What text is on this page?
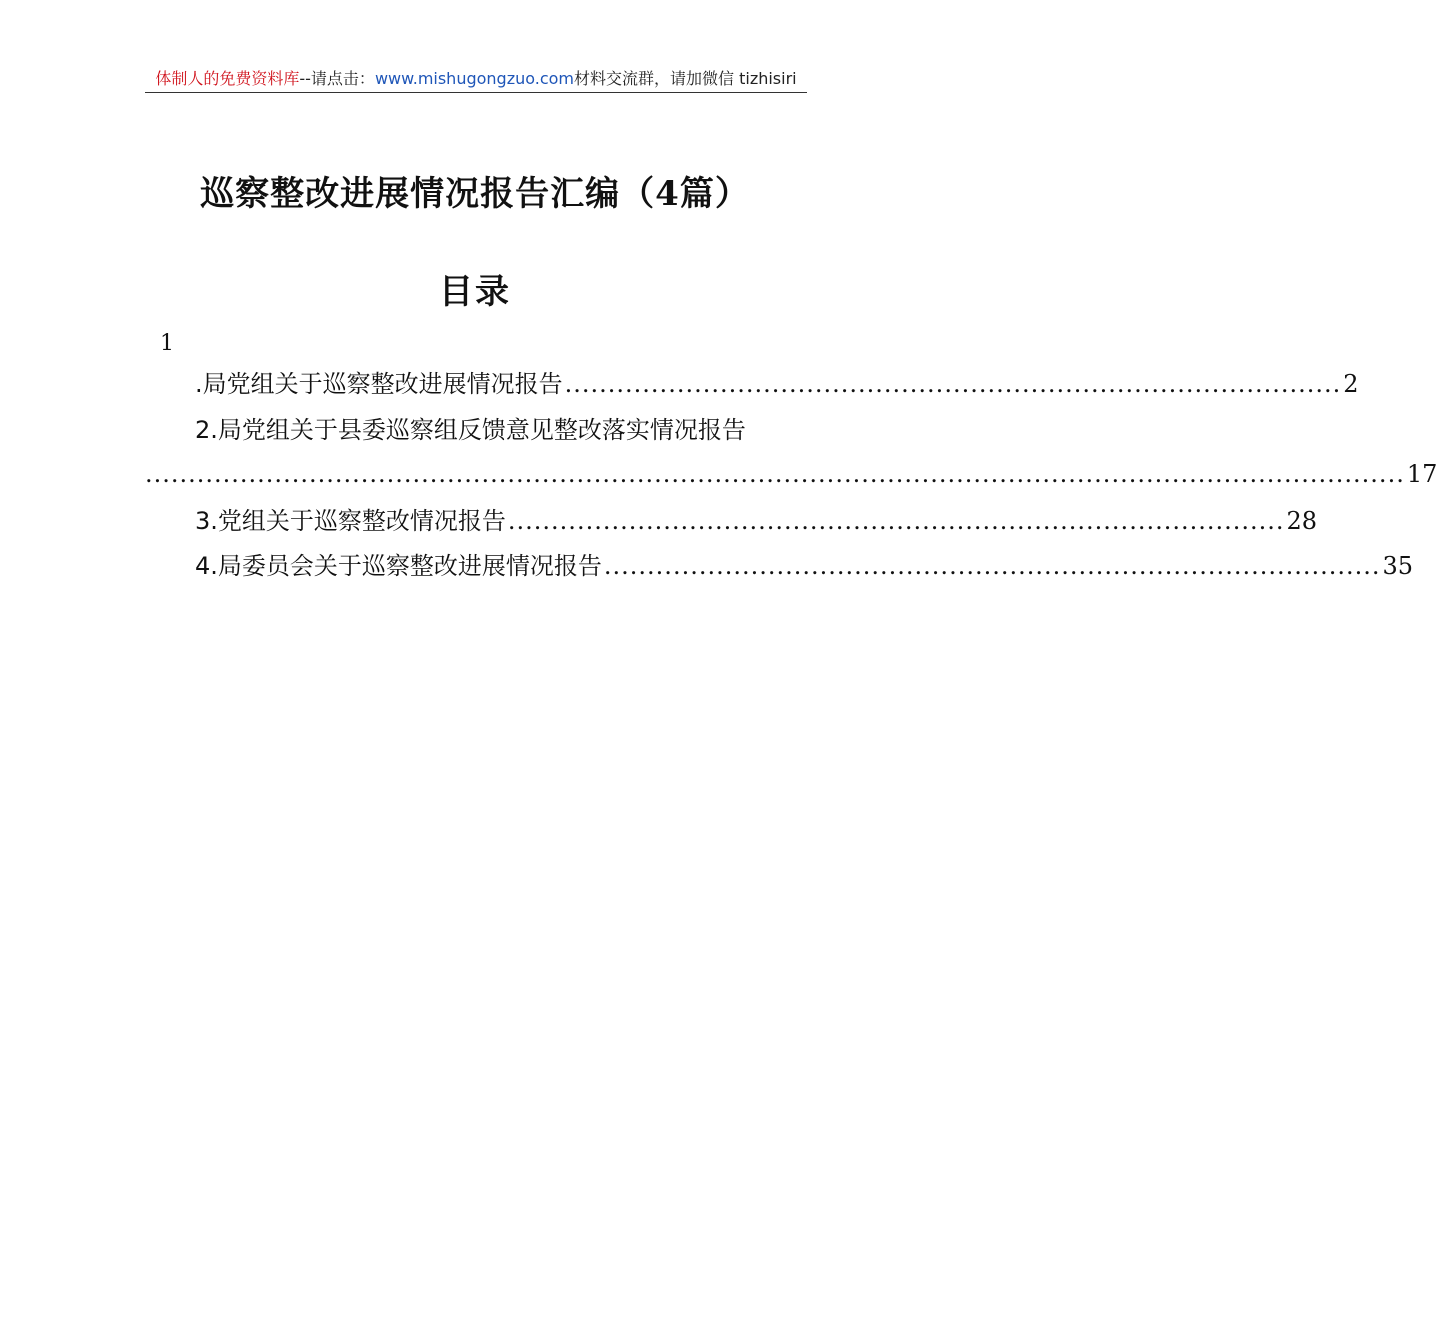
体制人的免费资料库--请点击：www.mishugongzuo.com材料交流群，请加微信 tizhisiri
巡察整改进展情况报告汇编（4篇）
目录
1
.局党组关于巡察整改进展情况报告 .......................................................................................... 2
2.局党组关于县委巡察组反馈意见整改落实情况报告
.................................................................................................................................................. 17
3.党组关于巡察整改情况报告 .......................................................................................... 28
4.局委员会关于巡察整改进展情况报告 .......................................................................................... 35
